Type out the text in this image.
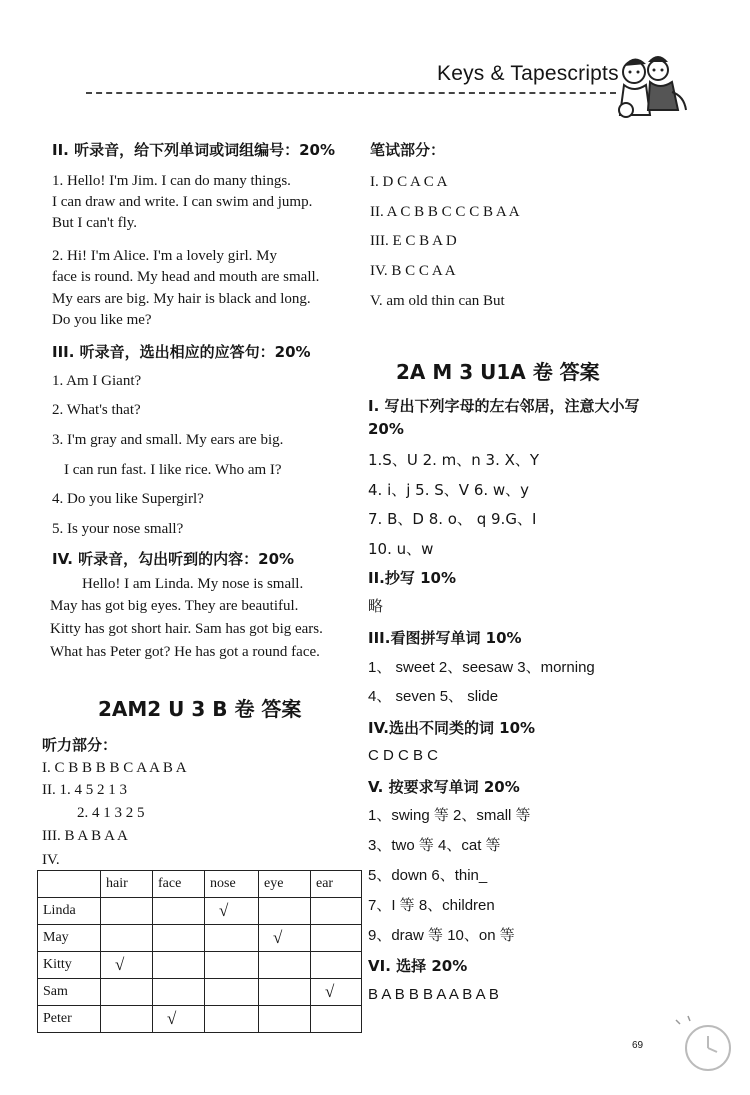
Keys & Tapescripts
II. 听录音，给下列单词或词组编号：20%
1. Hello! I'm Jim. I can do many things.
I can draw and write. I can swim and jump.
But I can't fly.
2. Hi! I'm Alice. I'm a lovely girl. My
face is round. My head and mouth are small.
My ears are big. My hair is black and long.
Do you like me?
III. 听录音，选出相应的应答句：20%
1. Am I Giant?
2. What's that?
3. I'm gray and small. My ears are big.
I can run fast. I like rice. Who am I?
4. Do you like Supergirl?
5. Is your nose small?
IV. 听录音，勾出听到的内容：20%
Hello! I am Linda. My nose is small.
May has got big eyes. They are beautiful.
Kitty has got short hair. Sam has got big ears.
What has Peter got? He has got a round face.
2AM2 U 3 B 卷 答案
听力部分：
I. C B B B B C A A B A
II. 1. 4 5 2 1 3
2. 4 1 3 2 5
III. B A B A A
IV.
	hair	face	nose	eye	ear
Linda			√		
May				√	
Kitty	√				
Sam					√
Peter		√			
笔试部分：
I. D C A C A
II. A C B B C C C B A A
III. E C B A D
IV. B C C A A
V. am old thin can But
2A M 3 U1A 卷 答案
I. 写出下列字母的左右邻居，注意大小写
20%
1.S、U 2. m、n 3. X、Y
4. i、j 5. S、V 6. w、y
7. B、D 8. o、 q 9.G、I
10. u、w
II.抄写 10%
略
III.看图拼写单词 10%
1、 sweet 2、seesaw 3、morning
4、 seven 5、 slide
IV.选出不同类的词 10%
C D C B C
V. 按要求写单词 20%
1、swing 等 2、small 等
3、two 等 4、cat 等
5、down 6、thin_
7、I 等 8、children
9、draw 等 10、on 等
VI. 选择 20%
B A B B B A A B A B
69
